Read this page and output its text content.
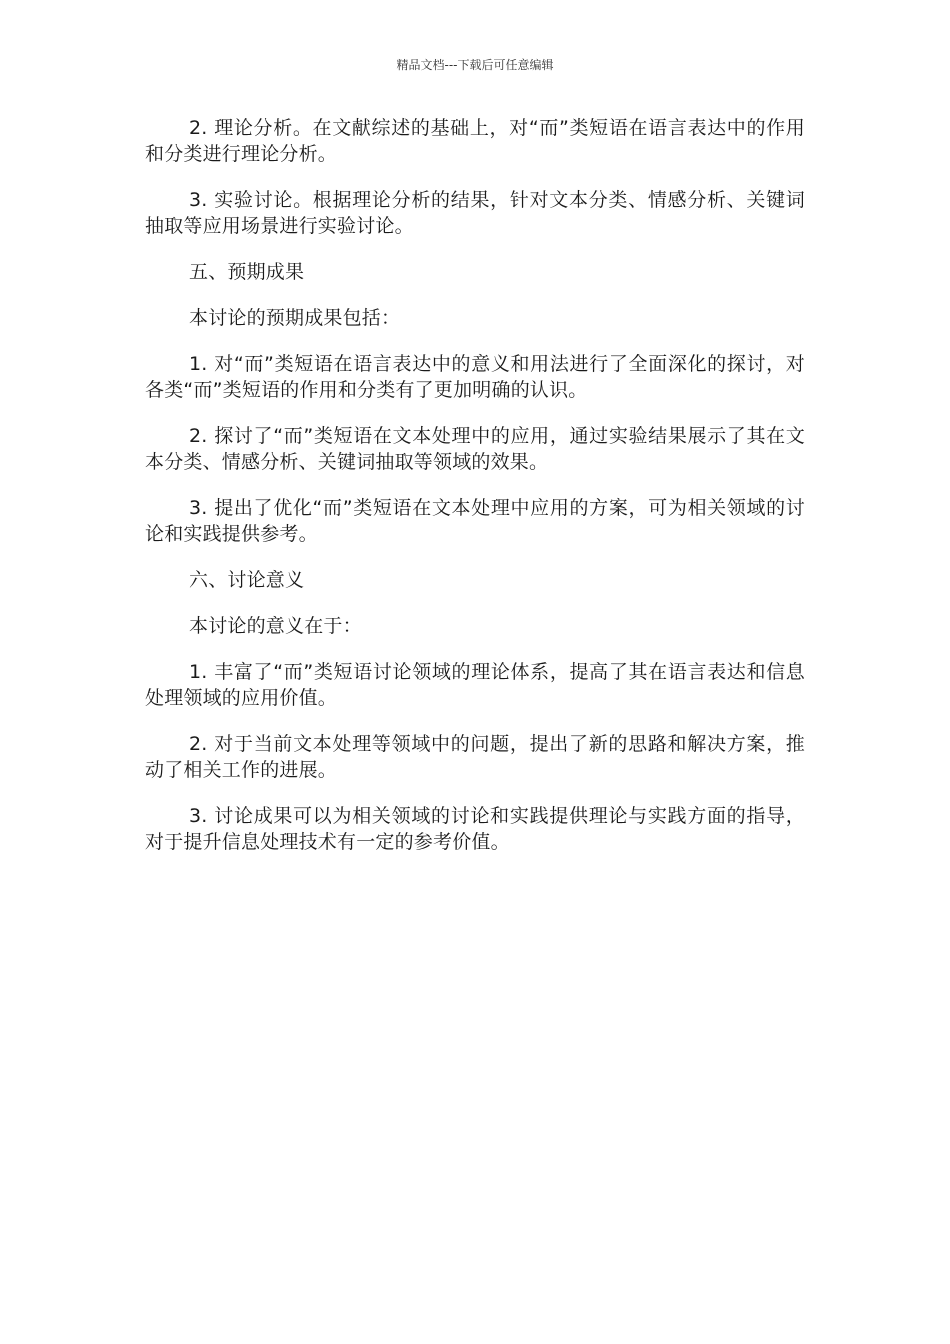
精品文档---下载后可任意编辑

2. 理论分析。在文献综述的基础上，对“而”类短语在语言表达中的作用和分类进行理论分析。

3. 实验讨论。根据理论分析的结果，针对文本分类、情感分析、关键词抽取等应用场景进行实验讨论。

五、预期成果

本讨论的预期成果包括：

1. 对“而”类短语在语言表达中的意义和用法进行了全面深化的探讨，对各类“而”类短语的作用和分类有了更加明确的认识。

2. 探讨了“而”类短语在文本处理中的应用，通过实验结果展示了其在文本分类、情感分析、关键词抽取等领域的效果。

3. 提出了优化“而”类短语在文本处理中应用的方案，可为相关领域的讨论和实践提供参考。

六、讨论意义

本讨论的意义在于：

1. 丰富了“而”类短语讨论领域的理论体系，提高了其在语言表达和信息处理领域的应用价值。

2. 对于当前文本处理等领域中的问题，提出了新的思路和解决方案，推动了相关工作的进展。

3. 讨论成果可以为相关领域的讨论和实践提供理论与实践方面的指导，对于提升信息处理技术有一定的参考价值。
